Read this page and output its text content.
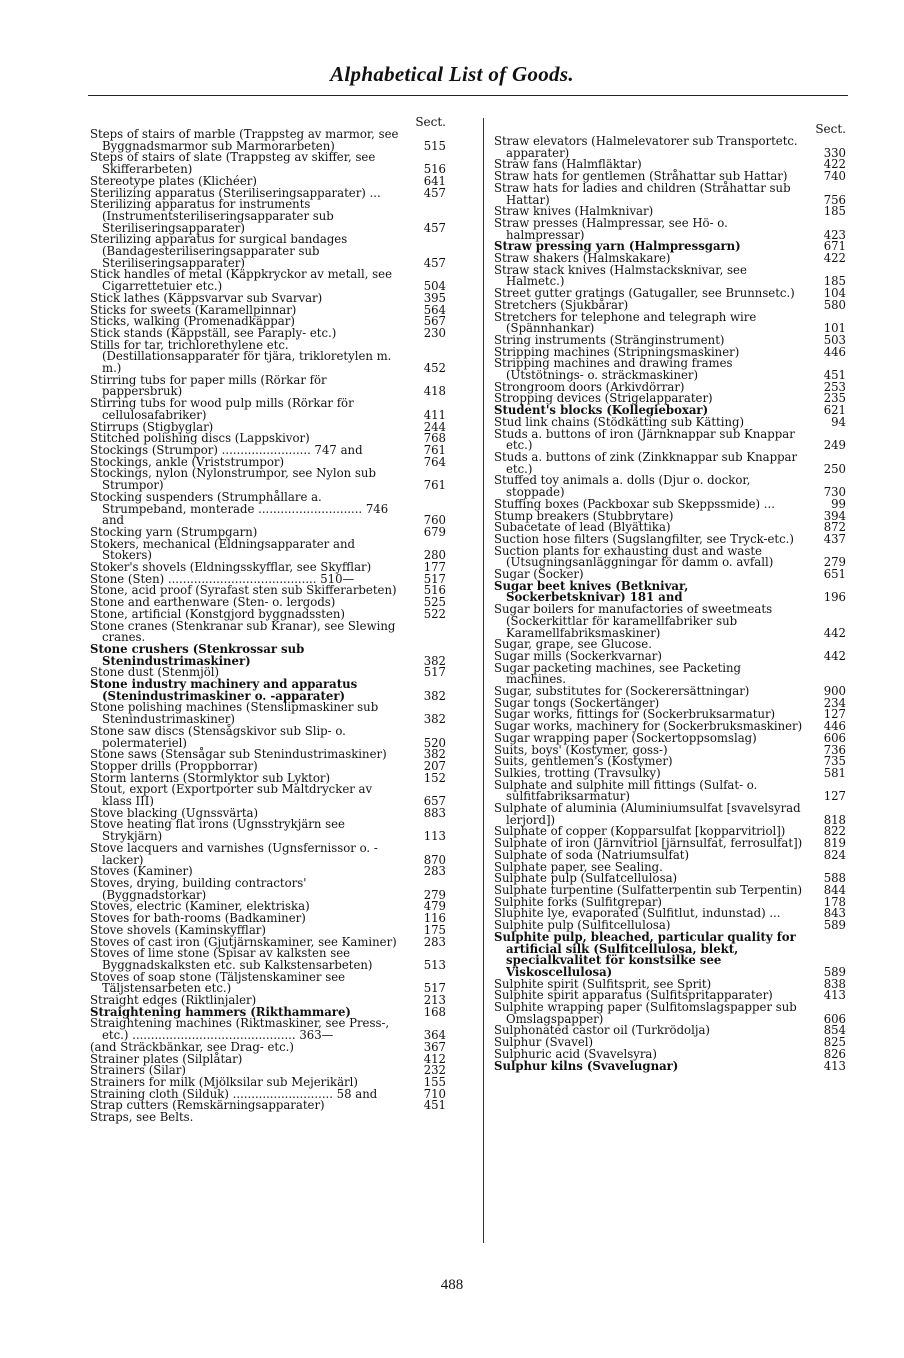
Alphabetical List of Goods.
Sect.
Steps of stairs of marble (Trappsteg av marmor, see Byggnadsmarmor sub Marmorarbeten)	515
Steps of stairs of slate (Trappsteg av skiffer, see Skifferarbeten)	516
Stereotype plates (Klichéer)	641
Sterilizing apparatus (Steriliseringsapparater) ...	457
Sterilizing apparatus for instruments (Instrumentsteriliseringsapparater sub Steriliseringsapparater)	457
Sterilizing apparatus for surgical bandages (Bandagesteriliseringsapparater sub Steriliseringsapparater)	457
Stick handles of metal (Käppkryckor av metall, see Cigarrettetuier etc.)	504
Stick lathes (Käppsvarvar sub Svarvar)	395
Sticks for sweets (Karamellpinnar)	564
Sticks, walking (Promenadkäppar)	567
Stick stands (Käppställ, see Paraply- etc.)	230
Stills for tar, trichlorethylene etc. (Destillationsapparater för tjära, trikloretylen m. m.)	452
Stirring tubs for paper mills (Rörkar för pappersbruk)	418
Stirring tubs for wood pulp mills (Rörkar för cellulosafabriker)	411
Stirrups (Stigbyglar)	244
Stitched polishing discs (Lappskivor)	768
Stockings (Strumpor) ........................ 747 and	761
Stockings, ankle (Vriststrumpor)	764
Stockings, nylon (Nylonstrumpor, see Nylon sub Strumpor)	761
Stocking suspenders (Strumphållare a. Strumpeband, monterade ............................ 746 and	760
Stocking yarn (Strumpgarn)	679
Stokers, mechanical (Eldningsapparater and Stokers)	280
Stoker's shovels (Eldningsskyfflar, see Skyfflar)	177
Stone (Sten) ........................................ 510—	517
Stone, acid proof (Syrafast sten sub Skifferarbeten) 516
Stone and earthenware (Sten- o. lergods)	525
Stone, artificial (Konstgjord byggnadssten)	522
Stone cranes (Stenkranar sub Kranar), see Slewing cranes.
Stone crushers (Stenkrossar sub Stenindustrimaskiner)	382
Stone dust (Stenmjöl)	517
Stone industry machinery and apparatus (Stenindustrimaskiner o. -apparater)	382
Stone polishing machines (Stenslipmaskiner sub Stenindustrimaskiner)	382
Stone saw discs (Stensågskivor sub Slip- o. polermateriel)	520
Stone saws (Stensågar sub Stenindustrimaskiner)	382
Stopper drills (Proppborrar)	207
Storm lanterns (Stormlyktor sub Lyktor)	152
Stout, export (Exportporter sub Maltdrycker av klass III)	657
Stove blacking (Ugnssvärta)	883
Stove heating flat irons (Ugnsstrykjärn see Strykjärn)	113
Stove lacquers and varnishes (Ugnsfernissor o. -lacker)	870
Stoves (Kaminer)	283
Stoves, drying, building contractors' (Byggnadstorkar)	279
Stoves, electric (Kaminer, elektriska)	479
Stoves for bath-rooms (Badkaminer)	116
Stove shovels (Kaminskyfflar)	175
Stoves of cast iron (Gjutjärnskaminer, see Kaminer) 283
Stoves of lime stone (Spisar av kalksten see Byggnadskalksten etc. sub Kalkstensarbeten)	513
Stoves of soap stone (Täljstenskaminer see Täljstensarbeten etc.)	517
Straight edges (Riktlinjaler)	213
Straightening hammers (Rikthammare)	168
Straightening machines (Riktmaskiner, see Press-, etc.) ............................................ 363—	364
(and Sträckbänkar, see Drag- etc.)	367
Strainer plates (Silplåtar)	412
Strainers (Silar)	232
Strainers for milk (Mjölksilar sub Mejerikärl)	155
Straining cloth (Silduk) ........................... 58 and	710
Strap cutters (Remskärningsapparater)	451
Straps, see Belts.
Sect.
Straw elevators (Halmelevatorer sub Transportetc. apparater)	330
Straw fans (Halmfläktar)	422
Straw hats for gentlemen (Stråhattar sub Hattar)	740
Straw hats for ladies and children (Stråhattar sub Hattar)	756
Straw knives (Halmknivar)	185
Straw presses (Halmpressar, see Hö- o. halmpressar)	423
Straw pressing yarn (Halmpressgarn)	671
Straw shakers (Halmskakare)	422
Straw stack knives (Halmstacksknivar, see Halmetc.)	185
Street gutter gratings (Gatugaller, see Brunnsetc.) 104
Stretchers (Sjukbårar)	580
Stretchers for telephone and telegraph wire (Spännhankar)	101
String instruments (Stränginstrument)	503
Stripping machines (Stripningsmaskiner)	446
Stripping machines and drawing frames (Utstötnings- o. sträckmaskiner)	451
Strongroom doors (Arkivdörrar)	253
Stropping devices (Strigelapparater)	235
Student's blocks (Kollegieboxar)	621
Stud link chains (Stödkätting sub Kätting)	94
Studs a. buttons of iron (Järnknappar sub Knappar etc.)	249
Studs a. buttons of zink (Zinkknappar sub Knappar etc.)	250
Stuffed toy animals a. dolls (Djur o. dockor, stoppade)	730
Stuffing boxes (Packboxar sub Skeppssmide) ...	99
Stump breakers (Stubbrytare)	394
Subacetate of lead (Blyättika)	872
Suction hose filters (Sugslangfilter, see Tryck-etc.)	437
Suction plants for exhausting dust and waste (Utsugningsanläggningar för damm o. avfall)	279
Sugar (Socker)	651
Sugar beet knives (Betknivar, Sockerbetsknivar) 181 and	196
Sugar boilers for manufactories of sweetmeats (Sockerkittlar för karamellfabriker sub Karamellfabriksmaskiner)	442
Sugar, grape, see Glucose.
Sugar mills (Sockerkvarnar)	442
Sugar packeting machines, see Packeting machines.
Sugar, substitutes for (Sockerersättningar)	900
Sugar tongs (Sockertänger)	234
Sugar works, fittings for (Sockerbruksarmatur)	127
Sugar works, machinery for (Sockerbruksmaskiner) 446
Sugar wrapping paper (Sockertoppsomslag)	606
Suits, boys' (Kostymer, goss-)	736
Suits, gentlemen's (Kostymer)	735
Sulkies, trotting (Travsulky)	581
Sulphate and sulphite mill fittings (Sulfat- o. sulfitfabriksarmatur)	127
Sulphate of aluminia (Aluminiumsulfat [svavelsyrad lerjord])	818
Sulphate of copper (Kopparsulfat [kopparvitriol])	822
Sulphate of iron (Järnvitriol [järnsulfat, ferrosulfat]) 819
Sulphate of soda (Natriumsulfat)	824
Sulphate paper, see Sealing.
Sulphate pulp (Sulfatcellulosa)	588
Sulphate turpentine (Sulfatterpentin sub Terpentin) 844
Sulphite forks (Sulfitgrepar)	178
Sluphite lye, evaporated (Sulfitlut, indunstad) ...	843
Sulphite pulp (Sulfitcellulosa)	589
Sulphite pulp, bleached, particular quality for artificial silk (Sulfitcellulosa, blekt, specialkvalitet för konstsilke see Viskoscellulosa)	589
Sulphite spirit (Sulfitsprit, see Sprit)	838
Sulphite spirit apparatus (Sulfitspritapparater)	413
Sulphite wrapping paper (Sulfitomslagspapper sub Omslagspapper)	606
Sulphonated castor oil (Turkrödolja)	854
Sulphur (Svavel)	825
Sulphuric acid (Svavelsyra)	826
Sulphur kilns (Svavelugnar)	413
488
